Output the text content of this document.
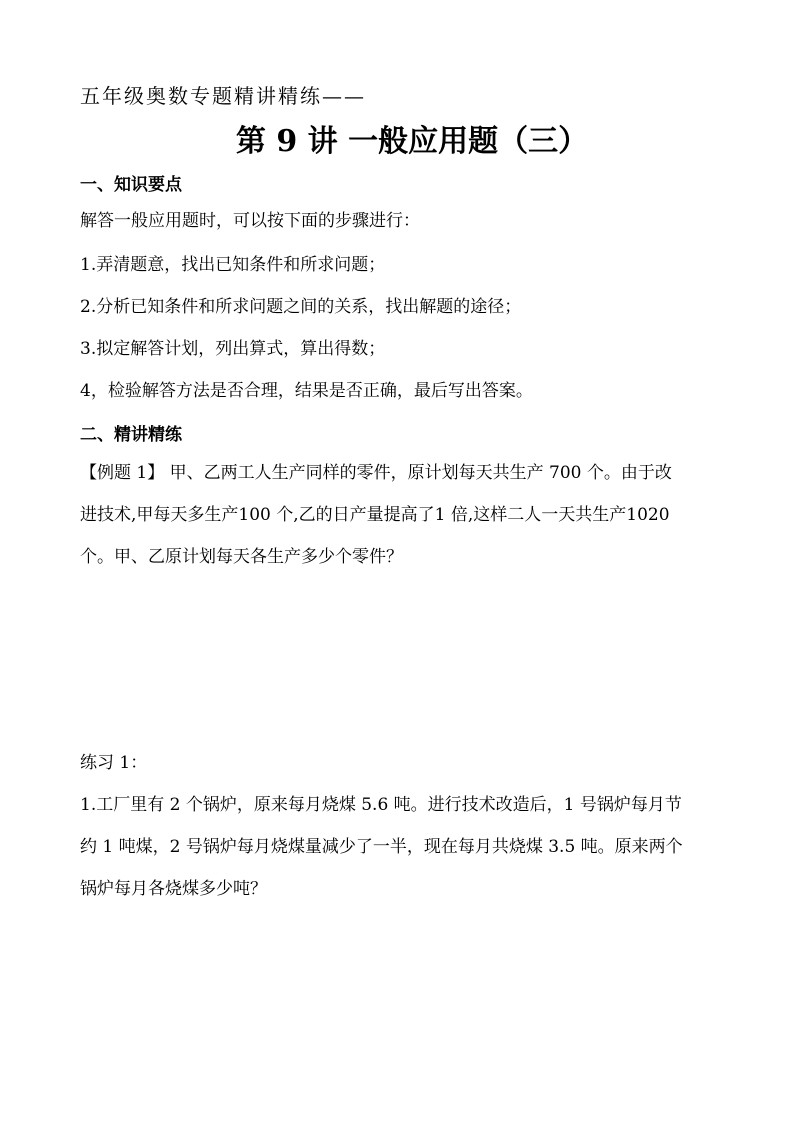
五年级奥数专题精讲精练——
第 9 讲 一般应用题（三）
一、知识要点
解答一般应用题时，可以按下面的步骤进行：
1.弄清题意，找出已知条件和所求问题；
2.分析已知条件和所求问题之间的关系，找出解题的途径；
3.拟定解答计划，列出算式，算出得数；
4，检验解答方法是否合理，结果是否正确，最后写出答案。
二、精讲精练
【例题 1】 甲、乙两工人生产同样的零件，原计划每天共生产 700 个。由于改
进技术,甲每天多生产100 个,乙的日产量提高了1 倍,这样二人一天共生产1020
个。甲、乙原计划每天各生产多少个零件？
练习 1：
1.工厂里有 2 个锅炉，原来每月烧煤 5.6 吨。进行技术改造后，1 号锅炉每月节
约 1 吨煤，2 号锅炉每月烧煤量减少了一半，现在每月共烧煤 3.5 吨。原来两个
锅炉每月各烧煤多少吨？
